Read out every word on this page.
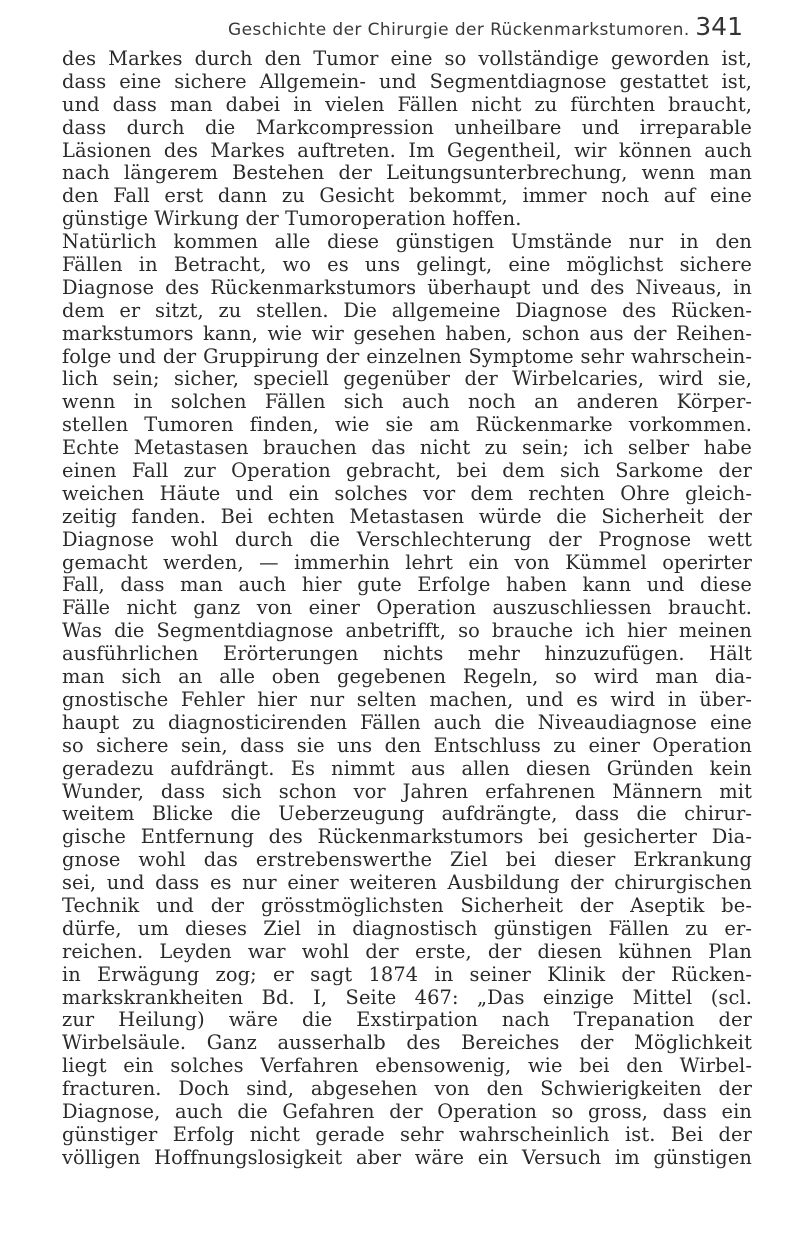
Geschichte der Chirurgie der Rückenmarkstumoren. 341
des Markes durch den Tumor eine so vollständige geworden ist,
dass eine sichere Allgemein- und Segmentdiagnose gestattet ist,
und dass man dabei in vielen Fällen nicht zu fürchten braucht,
dass durch die Markcompression unheilbare und irreparable
Läsionen des Markes auftreten. Im Gegentheil, wir können auch
nach längerem Bestehen der Leitungsunterbrechung, wenn man
den Fall erst dann zu Gesicht bekommt, immer noch auf eine
günstige Wirkung der Tumoroperation hoffen.
Natürlich kommen alle diese günstigen Umstände nur in den
Fällen in Betracht, wo es uns gelingt, eine möglichst sichere
Diagnose des Rückenmarkstumors überhaupt und des Niveaus, in
dem er sitzt, zu stellen. Die allgemeine Diagnose des Rücken-
markstumors kann, wie wir gesehen haben, schon aus der Reihen-
folge und der Gruppirung der einzelnen Symptome sehr wahrschein-
lich sein; sicher, speciell gegenüber der Wirbelcaries, wird sie,
wenn in solchen Fällen sich auch noch an anderen Körper-
stellen Tumoren finden, wie sie am Rückenmarke vorkommen.
Echte Metastasen brauchen das nicht zu sein; ich selber habe
einen Fall zur Operation gebracht, bei dem sich Sarkome der
weichen Häute und ein solches vor dem rechten Ohre gleich-
zeitig fanden. Bei echten Metastasen würde die Sicherheit der
Diagnose wohl durch die Verschlechterung der Prognose wett
gemacht werden, — immerhin lehrt ein von Kümmel operirter
Fall, dass man auch hier gute Erfolge haben kann und diese
Fälle nicht ganz von einer Operation auszuschliessen braucht.
Was die Segmentdiagnose anbetrifft, so brauche ich hier meinen
ausführlichen Erörterungen nichts mehr hinzuzufügen. Hält
man sich an alle oben gegebenen Regeln, so wird man dia-
gnostische Fehler hier nur selten machen, und es wird in über-
haupt zu diagnosticirenden Fällen auch die Niveaudiagnose eine
so sichere sein, dass sie uns den Entschluss zu einer Operation
geradezu aufdrängt. Es nimmt aus allen diesen Gründen kein
Wunder, dass sich schon vor Jahren erfahrenen Männern mit
weitem Blicke die Ueberzeugung aufdrängte, dass die chirur-
gische Entfernung des Rückenmarkstumors bei gesicherter Dia-
gnose wohl das erstrebenswerthe Ziel bei dieser Erkrankung
sei, und dass es nur einer weiteren Ausbildung der chirurgischen
Technik und der grösstmöglichsten Sicherheit der Aseptik be-
dürfe, um dieses Ziel in diagnostisch günstigen Fällen zu er-
reichen. Leyden war wohl der erste, der diesen kühnen Plan
in Erwägung zog; er sagt 1874 in seiner Klinik der Rücken-
markskrankheiten Bd. I, Seite 467: „Das einzige Mittel (scl.
zur Heilung) wäre die Exstirpation nach Trepanation der
Wirbelsäule. Ganz ausserhalb des Bereiches der Möglichkeit
liegt ein solches Verfahren ebensowenig, wie bei den Wirbel-
fracturen. Doch sind, abgesehen von den Schwierigkeiten der
Diagnose, auch die Gefahren der Operation so gross, dass ein
günstiger Erfolg nicht gerade sehr wahrscheinlich ist. Bei der
völligen Hoffnungslosigkeit aber wäre ein Versuch im günstigen
